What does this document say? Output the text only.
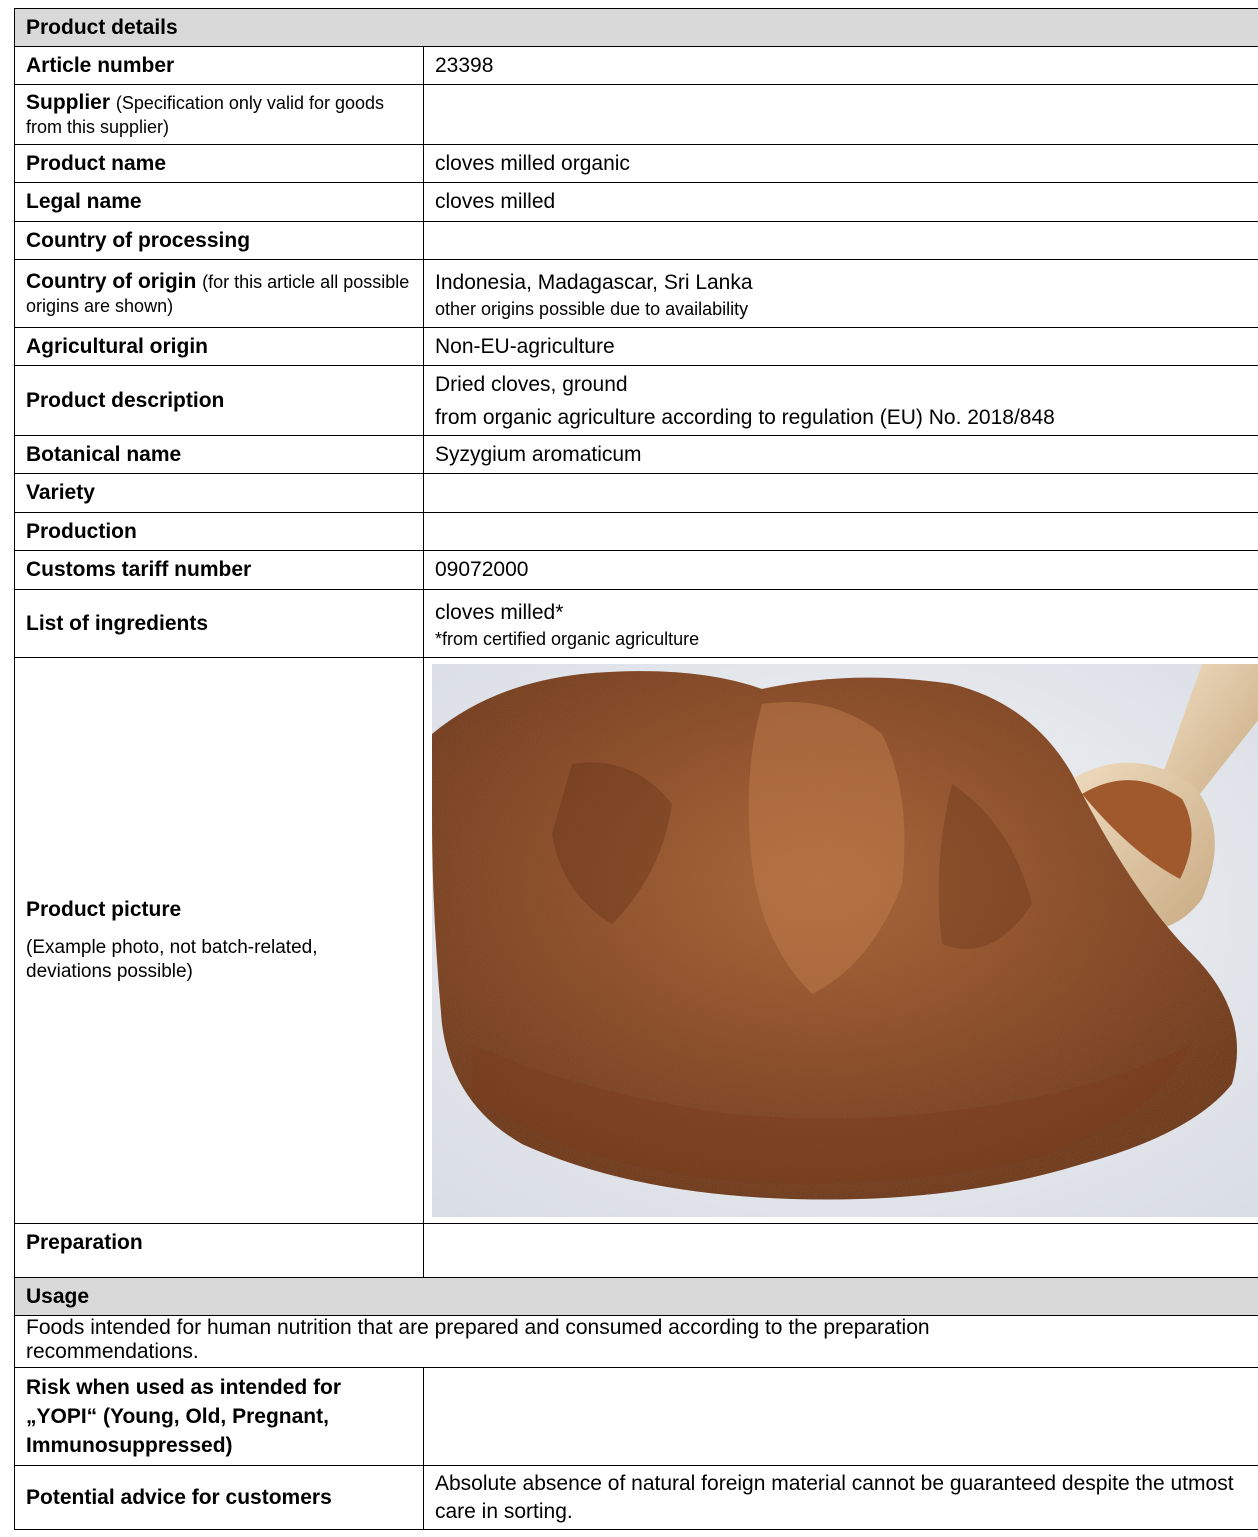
Product details	
Article number	23398
Supplier (Specification only valid for goods from this supplier)	
Product name	cloves milled organic
Legal name	cloves milled
Country of processing	
Country of origin (for this article all possible origins are shown)	Indonesia, Madagascar, Sri Lanka
other origins possible due to availability

Agricultural origin	Non-EU-agriculture
Product description	Dried cloves, ground
from organic agriculture according to regulation (EU) No. 2018/848

Botanical name	Syzygium aromaticum
Variety	
Production	
Customs tariff number	09072000
List of ingredients	cloves milled*
*from certified organic agriculture

Product picture
(Example photo, not batch-related, deviations possible)

Preparation	
Usage	
Foods intended for human nutrition that are prepared and consumed according to the preparation recommendations.	
Risk when used as intended for „YOPI“ (Young, Old, Pregnant, Immunosuppressed)	
Potential advice for customers	Absolute absence of natural foreign material cannot be guaranteed despite the utmost care in sorting.
